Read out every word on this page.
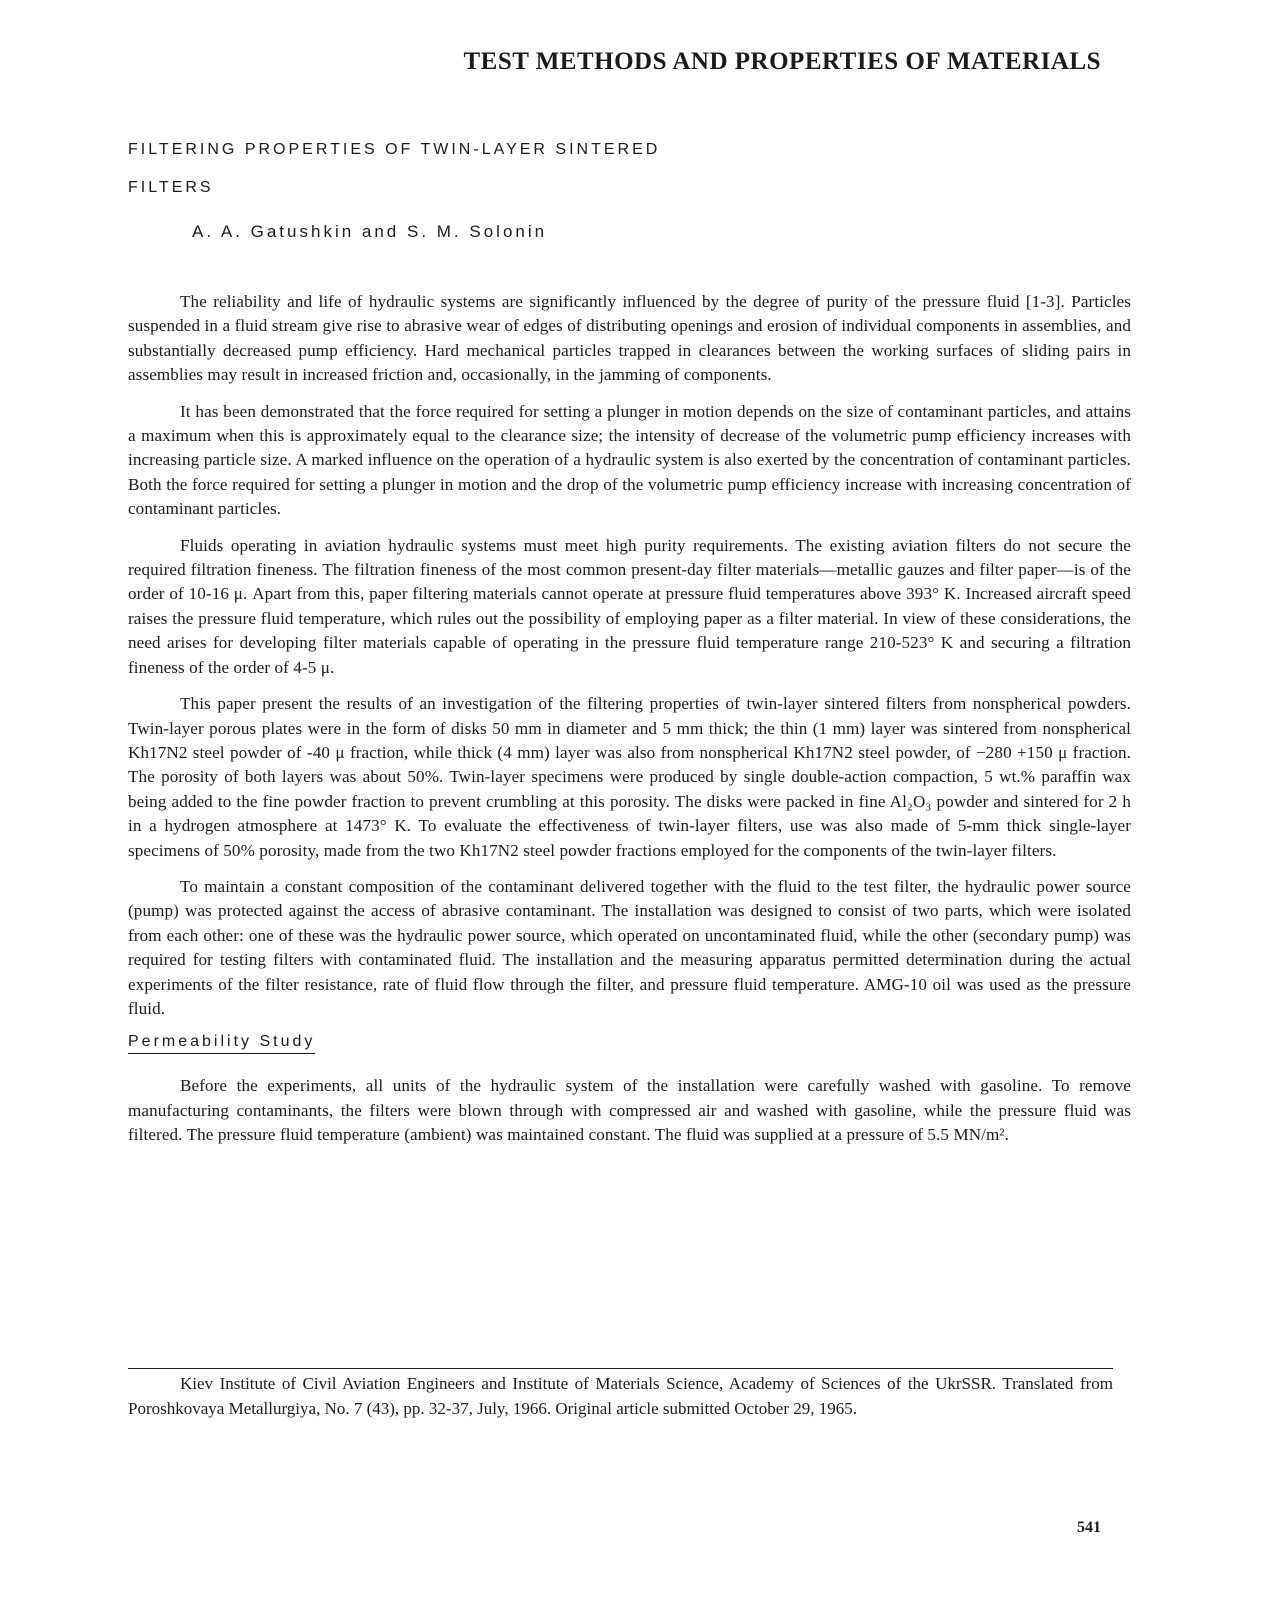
TEST METHODS AND PROPERTIES OF MATERIALS
FILTERING PROPERTIES OF TWIN-LAYER SINTERED
FILTERS

A. A. Gatushkin and S. M. Solonin

The reliability and life of hydraulic systems are significantly influenced by the degree of purity of the pressure fluid [1-3]. Particles suspended in a fluid stream give rise to abrasive wear of edges of distributing openings and erosion of individual components in assemblies, and substantially decreased pump efficiency. Hard mechanical particles trapped in clearances between the working surfaces of sliding pairs in assemblies may result in increased friction and, occasionally, in the jamming of components.

It has been demonstrated that the force required for setting a plunger in motion depends on the size of contaminant particles, and attains a maximum when this is approximately equal to the clearance size; the intensity of decrease of the volumetric pump efficiency increases with increasing particle size. A marked influence on the operation of a hydraulic system is also exerted by the concentration of contaminant particles. Both the force required for setting a plunger in motion and the drop of the volumetric pump efficiency increase with increasing concentration of contaminant particles.

Fluids operating in aviation hydraulic systems must meet high purity requirements. The existing aviation filters do not secure the required filtration fineness. The filtration fineness of the most common present-day filter materials—metallic gauzes and filter paper—is of the order of 10-16 μ. Apart from this, paper filtering materials cannot operate at pressure fluid temperatures above 393° K. Increased aircraft speed raises the pressure fluid temperature, which rules out the possibility of employing paper as a filter material. In view of these considerations, the need arises for developing filter materials capable of operating in the pressure fluid temperature range 210-523° K and securing a filtration fineness of the order of 4-5 μ.

This paper present the results of an investigation of the filtering properties of twin-layer sintered filters from nonspherical powders. Twin-layer porous plates were in the form of disks 50 mm in diameter and 5 mm thick; the thin (1 mm) layer was sintered from nonspherical Kh17N2 steel powder of -40 μ fraction, while thick (4 mm) layer was also from nonspherical Kh17N2 steel powder, of −280 +150 μ fraction. The porosity of both layers was about 50%. Twin-layer specimens were produced by single double-action compaction, 5 wt.% paraffin wax being added to the fine powder fraction to prevent crumbling at this porosity. The disks were packed in fine Al₂O₃ powder and sintered for 2 h in a hydrogen atmosphere at 1473° K. To evaluate the effectiveness of twin-layer filters, use was also made of 5-mm thick single-layer specimens of 50% porosity, made from the two Kh17N2 steel powder fractions employed for the components of the twin-layer filters.

To maintain a constant composition of the contaminant delivered together with the fluid to the test filter, the hydraulic power source (pump) was protected against the access of abrasive contaminant. The installation was designed to consist of two parts, which were isolated from each other: one of these was the hydraulic power source, which operated on uncontaminated fluid, while the other (secondary pump) was required for testing filters with contaminated fluid. The installation and the measuring apparatus permitted determination during the actual experiments of the filter resistance, rate of fluid flow through the filter, and pressure fluid temperature. AMG-10 oil was used as the pressure fluid.

Permeability Study

Before the experiments, all units of the hydraulic system of the installation were carefully washed with gasoline. To remove manufacturing contaminants, the filters were blown through with compressed air and washed with gasoline, while the pressure fluid was filtered. The pressure fluid temperature (ambient) was maintained constant. The fluid was supplied at a pressure of 5.5 MN/m².

Kiev Institute of Civil Aviation Engineers and Institute of Materials Science, Academy of Sciences of the UkrSSR. Translated from Poroshkovaya Metallurgiya, No. 7 (43), pp. 32-37, July, 1966. Original article submitted October 29, 1965.

541
